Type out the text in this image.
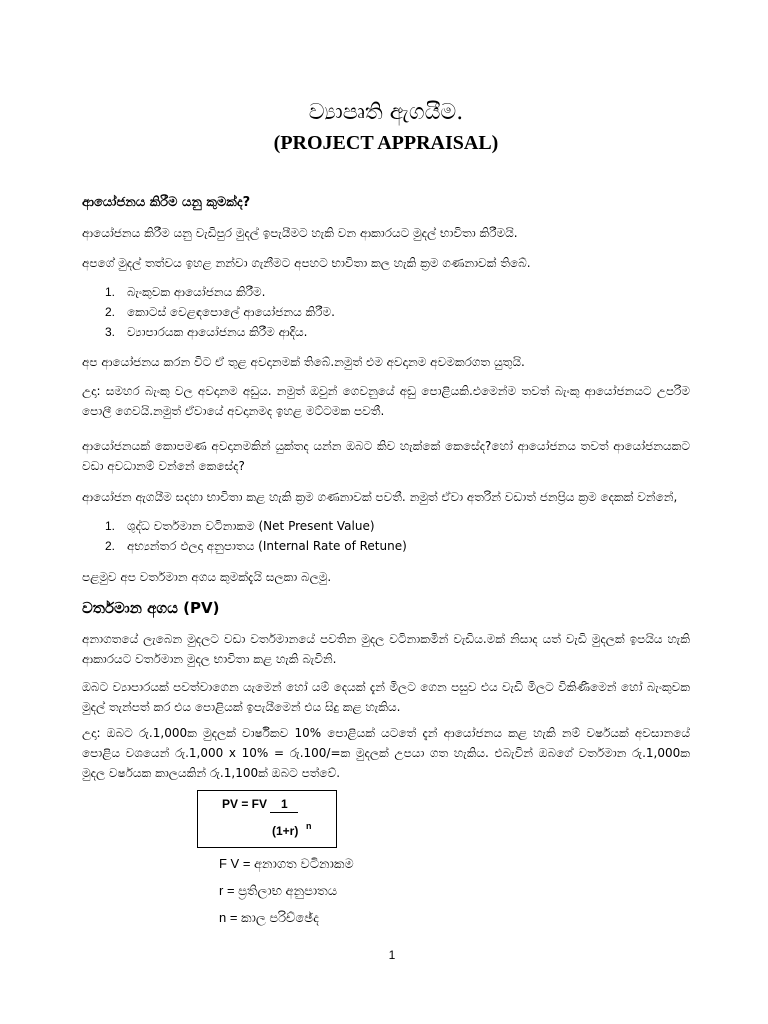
ව්‍යාපෘති ඇගයීම.
(PROJECT APPRAISAL)
ආයෝජනය කිරීම යනු කුමක්ද?

ආයෝජනය කිරීම යනු වැඩිපුර මුදල් ඉපැයීමට හැකි වන ආකාරයට මුදල් භාවිතා කිරීමයි.

අපගේ මුදල් තත්වය ඉහළ නන්වා ගැනීමට අපහට භාවිතා කල හැකි ක්‍රම ගණනාවක් තිබේ.

1. බැංකුවක ආයෝජනය කිරීම.
2. කොටස් වෙළඳපොලේ ආයෝජනය කිරීම.
3. ව්‍යාපාරයක ආයෝජනය කිරීම ආදිය.

අප ආයෝජනය කරන විට ඒ තුළ අවදානමක් තිබේ.නමුත් එම අවදානම අවමකරගත යුතුයි.

උදා: සමහර බැංකු වල අවදානම අඩුය. නමුත් ඔවුන් ගෙවනුයේ අඩු පොළියකි.එමෙන්ම තවත් බැංකු ආයෝජනයට උපරිම පොලී ගෙවයි.නමුත් ඒවායේ අවදානමද ඉහළ මට්ටමක පවතී.

ආයෝජනයක් කොපමණ අවදානමකින් යුක්තද යන්න ඔබට කිව හැක්කේ කෙසේද?හෝ ආයෝජනය තවත් ආයෝජනයකට වඩා අවධානම් වන්නේ කෙසේද?

ආයෝජන ඇගයීම සදහා භාවිතා කළ හැකි ක්‍රම ගණනාවක් පවතී. නමුත් ඒවා අතරින් වඩාත් ජනප්‍රිය ක්‍රම දෙකක් වන්නේ,

1. ශුද්ධ වර්තමාන වටිනාකම (Net Present Value)
2. අභ්‍යන්තර ඵලදා අනුපාතය (Internal Rate of Retune)

පළමුව අප වර්තමාන අගය කුමක්දැයි සලකා බලමු.

වර්තමාන අගය (PV)

අනාගතයේ ලැබෙන මුදලට වඩා වර්තමානයේ පවතින මුදල වටිනාකමින් වැඩිය.මක් නිසාද යත් වැඩි මුදලක් ඉපයිය හැකි ආකාරයට වර්තමාන මුදල භාවිතා කළ හැකි බැවිනි.

ඔබට ව්‍යාපාරයක් පවත්වාගෙන යැමෙන් හෝ යම් දෙයක් දැන් මිලට ගෙන පසුව එය වැඩි මිලට විකිණීමෙන් හෝ බැංකුවක මුදල් තැන්පත් කර එය පොළියක් ඉපැයීමෙන් එය සිදු කළ හැකිය.

උදා: ඔබට රු.1,000ක මුදලක් වාර්ෂිකව 10% පොළියක් යටතේ දැන් ආයෝජනය කළ හැකි නම් වර්ෂයක් අවසානයේ පොළිය වශයෙන් රු.1,000 x 10% = රු.100/=ක මුදලක් උපයා ගත හැකිය. එබැවින් ඔබගේ වර්තමාන රු.1,000ක මුදල වර්ෂයක කාලයකින් රු.1,100ක් ඔබට පත්වේ.

PV = FV 1
(1+r) n
F V = අනාගත වටිනාකම
r = ප්‍රතිලාභ අනුපාතය
n = කාල පරිච්ඡේද
1
